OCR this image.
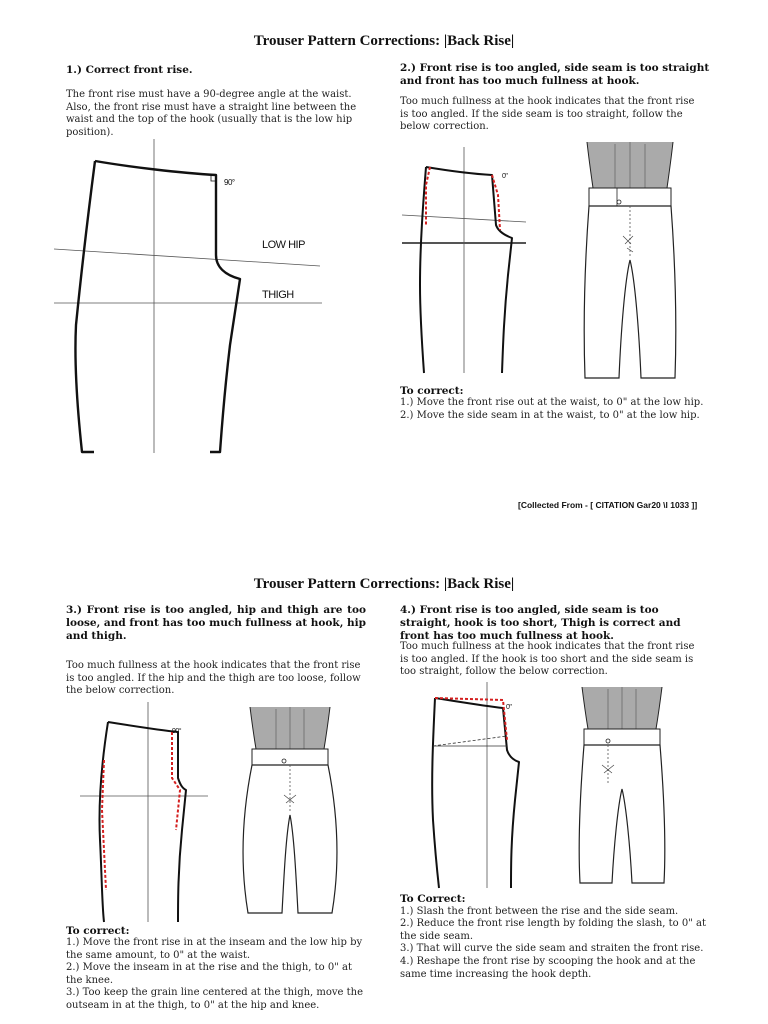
Trouser Pattern Corrections: |Back Rise|
1.) Correct front rise.
The front rise must have a 90-degree angle at the waist. Also, the front rise must have a straight line between the waist and the top of the hook (usually that is the low hip position).
90°
LOW HIP
THIGH
2.) Front rise is too angled, side seam is too straight and front has too much fullness at hook.
Too much fullness at the hook indicates that the front rise is too angled. If the side seam is too straight, follow the below correction.
0"
To correct:
1.) Move the front rise out at the waist, to 0" at the low hip.
2.) Move the side seam in at the waist, to 0" at the low hip.
[Collected From - [ CITATION Gar20 \l 1033 ]]
Trouser Pattern Corrections: |Back Rise|
3.) Front rise is too angled, hip and thigh are too loose, and front has too much fullness at hook, hip and thigh.
Too much fullness at the hook indicates that the front rise is too angled. If the hip and the thigh are too loose, follow the below correction.
90°
To correct:
1.) Move the front rise in at the inseam and the low hip by the same amount, to 0" at the waist.
2.) Move the inseam in at the rise and the thigh, to 0" at the knee.
3.) Too keep the grain line centered at the thigh, move the outseam in at the thigh, to 0" at the hip and knee.
4.) Front rise is too angled, side seam is too straight, hook is too short, Thigh is correct and front has too much fullness at hook.
Too much fullness at the hook indicates that the front rise is too angled. If the hook is too short and the side seam is too straight, follow the below correction.
0"
To Correct:
1.) Slash the front between the rise and the side seam.
2.) Reduce the front rise length by folding the slash, to 0" at the side seam.
3.) That will curve the side seam and straiten the front rise.
4.) Reshape the front rise by scooping the hook and at the same time increasing the hook depth.
